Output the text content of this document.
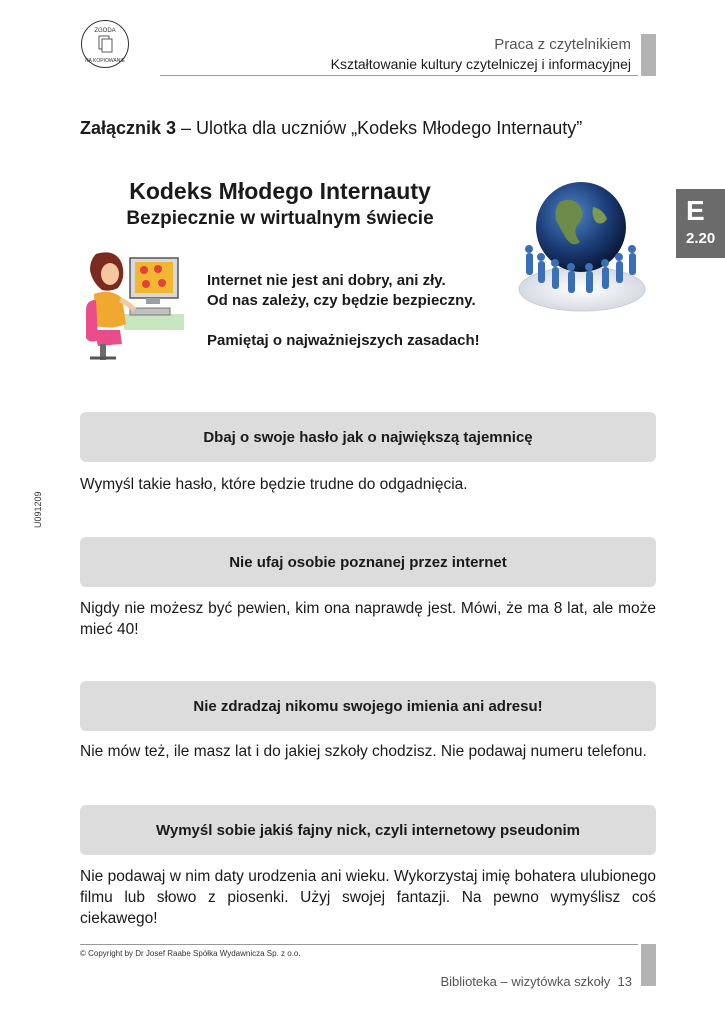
ZGODA
NA KOPIOWANIE
Praca z czytelnikiem
Kształtowanie kultury czytelniczej i informacyjnej
E
2.20
Załącznik 3 – Ulotka dla uczniów „Kodeks Młodego Internauty”
Kodeks Młodego Internauty
Bezpiecznie w wirtualnym świecie
Internet nie jest ani dobry, ani zły.
Od nas zależy, czy będzie bezpieczny.
Pamiętaj o najważniejszych zasadach!
Dbaj o swoje hasło jak o największą tajemnicę
Wymyśl takie hasło, które będzie trudne do odgadnięcia.
Nie ufaj osobie poznanej przez internet
Nigdy nie możesz być pewien, kim ona naprawdę jest. Mówi, że ma 8 lat, ale może mieć 40!
Nie zdradzaj nikomu swojego imienia ani adresu!
Nie mów też, ile masz lat i do jakiej szkoły chodzisz. Nie podawaj numeru telefonu.
Wymyśl sobie jakiś fajny nick, czyli internetowy pseudonim
Nie podawaj w nim daty urodzenia ani wieku. Wykorzystaj imię bohatera ulubionego filmu lub słowo z piosenki. Użyj swojej fantazji. Na pewno wymyślisz coś ciekawego!
U091209
© Copyright by Dr Josef Raabe Spółka Wydawnicza Sp. z o.o.
Biblioteka – wizytówka szkoły 13
